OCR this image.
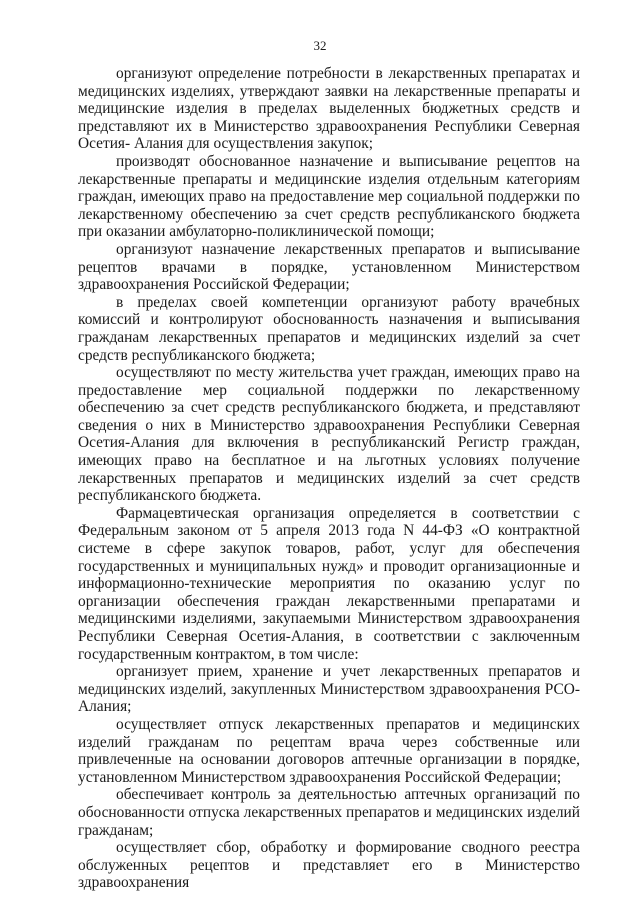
32

организуют определение потребности в лекарственных препаратах и медицинских изделиях, утверждают заявки на лекарственные препараты и медицинские изделия в пределах выделенных бюджетных средств и представляют их в Министерство здравоохранения Республики Северная Осетия- Алания для осуществления закупок;

производят обоснованное назначение и выписывание рецептов на лекарственные препараты и медицинские изделия отдельным категориям граждан, имеющих право на предоставление мер социальной поддержки по лекарственному обеспечению за счет средств республиканского бюджета при оказании амбулаторно-поликлинической помощи;

организуют назначение лекарственных препаратов и выписывание рецептов врачами в порядке, установленном Министерством здравоохранения Российской Федерации;

в пределах своей компетенции организуют работу врачебных комиссий и контролируют обоснованность назначения и выписывания гражданам лекарственных препаратов и медицинских изделий за счет средств республиканского бюджета;

осуществляют по месту жительства учет граждан, имеющих право на предоставление мер социальной поддержки по лекарственному обеспечению за счет средств республиканского бюджета, и представляют сведения о них в Министерство здравоохранения Республики Северная Осетия-Алания для включения в республиканский Регистр граждан, имеющих право на бесплатное и на льготных условиях получение лекарственных препаратов и медицинских изделий за счет средств республиканского бюджета.

Фармацевтическая организация определяется в соответствии с Федеральным законом от 5 апреля 2013 года N 44-ФЗ «О контрактной системе в сфере закупок товаров, работ, услуг для обеспечения государственных и муниципальных нужд» и проводит организационные и информационно-технические мероприятия по оказанию услуг по организации обеспечения граждан лекарственными препаратами и медицинскими изделиями, закупаемыми Министерством здравоохранения Республики Северная Осетия-Алания, в соответствии с заключенным государственным контрактом, в том числе:

организует прием, хранение и учет лекарственных препаратов и медицинских изделий, закупленных Министерством здравоохранения РСО-Алания;

осуществляет отпуск лекарственных препаратов и медицинских изделий гражданам по рецептам врача через собственные или привлеченные на основании договоров аптечные организации в порядке, установленном Министерством здравоохранения Российской Федерации;

обеспечивает контроль за деятельностью аптечных организаций по обоснованности отпуска лекарственных препаратов и медицинских изделий гражданам;

осуществляет сбор, обработку и формирование сводного реестра обслуженных рецептов и представляет его в Министерство здравоохранения
